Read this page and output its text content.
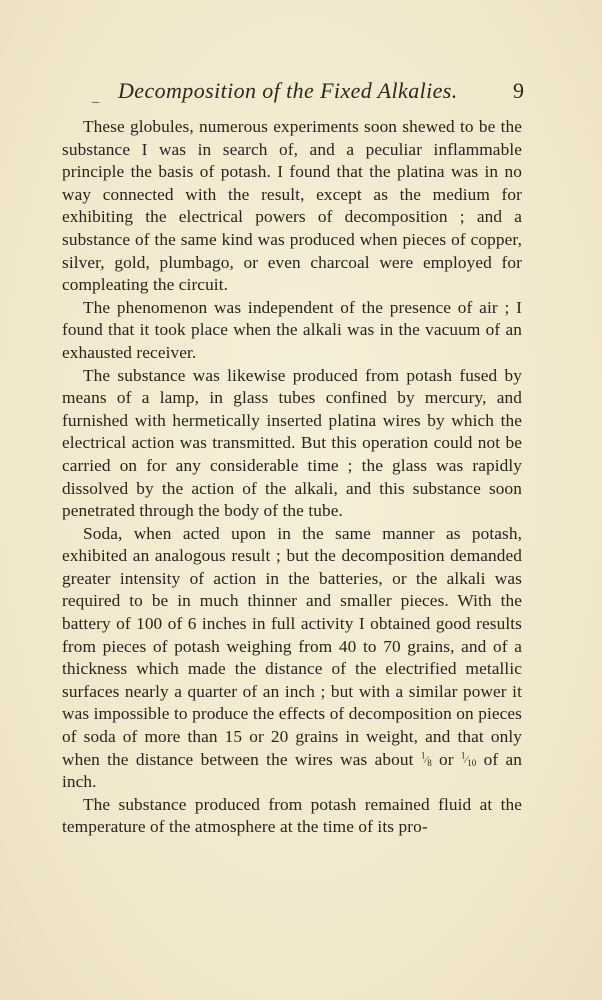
_ Decomposition of the Fixed Alkalies.	9

These globules, numerous experiments soon shewed to be the substance I was in search of, and a peculiar inflammable principle the basis of potash. I found that the platina was in no way connected with the result, except as the medium for exhibiting the electrical powers of decomposition ; and a substance of the same kind was produced when pieces of copper, silver, gold, plumbago, or even charcoal were employed for compleating the circuit.

The phenomenon was independent of the presence of air ; I found that it took place when the alkali was in the vacuum of an exhausted receiver.

The substance was likewise produced from potash fused by means of a lamp, in glass tubes confined by mercury, and furnished with hermetically inserted platina wires by which the electrical action was transmitted. But this operation could not be carried on for any considerable time ; the glass was rapidly dissolved by the action of the alkali, and this substance soon penetrated through the body of the tube.

Soda, when acted upon in the same manner as potash, exhibited an analogous result ; but the decomposition demanded greater intensity of action in the batteries, or the alkali was required to be in much thinner and smaller pieces. With the battery of 100 of 6 inches in full activity I obtained good results from pieces of potash weighing from 40 to 70 grains, and of a thickness which made the distance of the electrified metallic surfaces nearly a quarter of an inch ; but with a similar power it was impossible to produce the effects of decomposition on pieces of soda of more than 15 or 20 grains in weight, and that only when the distance between the wires was about $^1⁄_8$ or $^1⁄_{10}$ of an inch.

The substance produced from potash remained fluid at the temperature of the atmosphere at the time of its pro-
